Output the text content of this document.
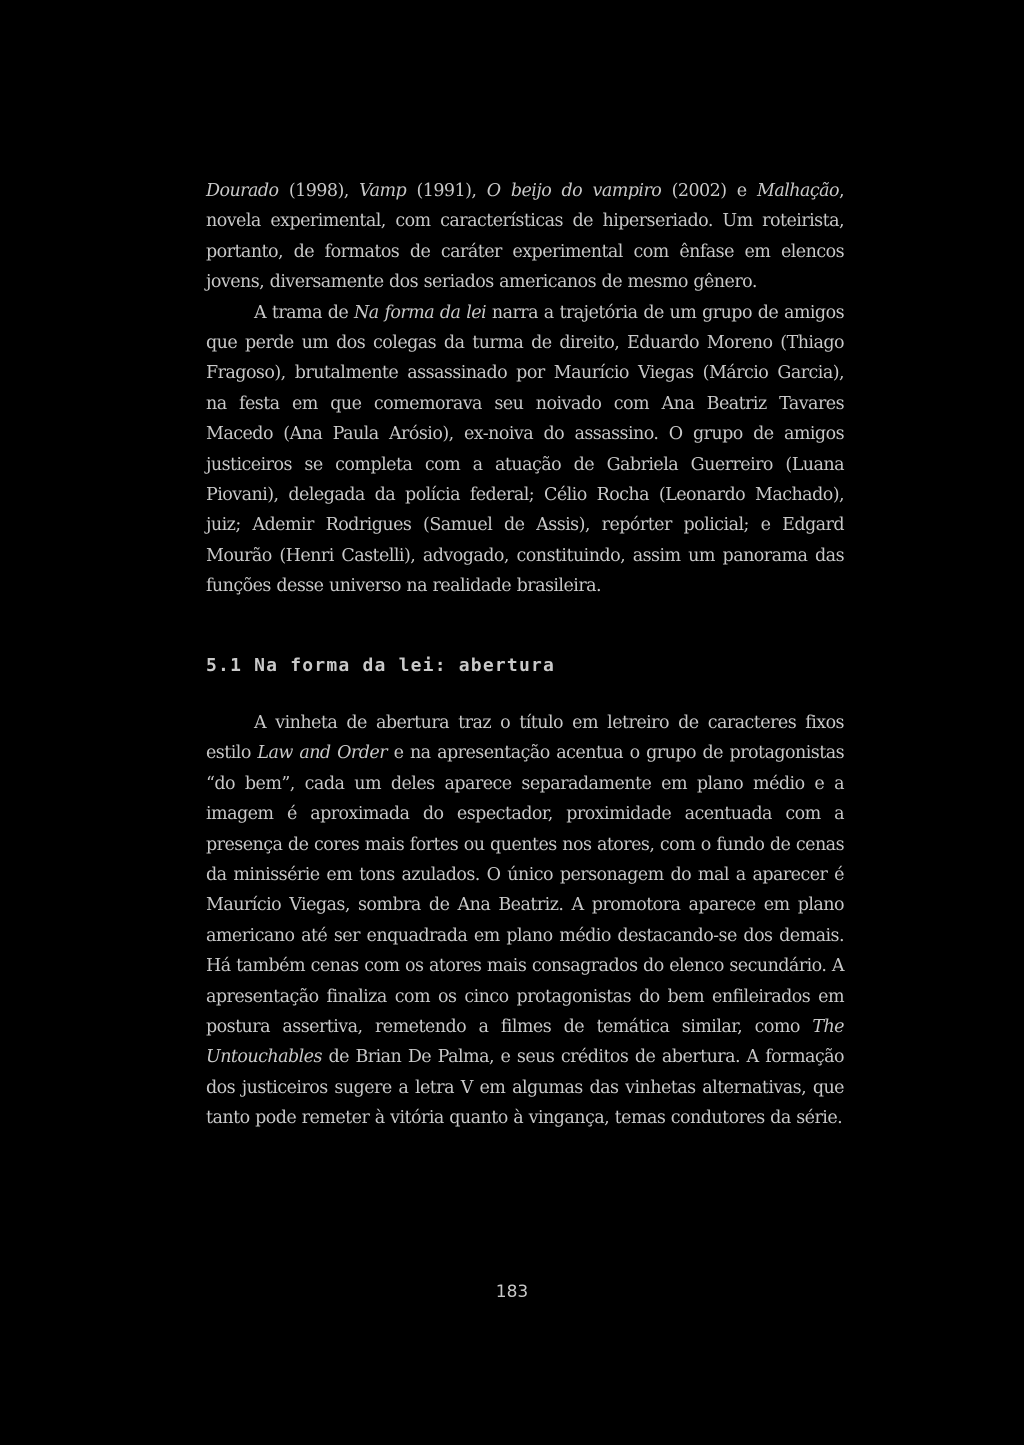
Dourado (1998), Vamp (1991), O beijo do vampiro (2002) e Malhação, novela experimental, com características de hiperseriado. Um roteirista, portanto, de formatos de caráter experimental com ênfase em elencos jovens, diversamente dos seriados americanos de mesmo gênero.

A trama de Na forma da lei narra a trajetória de um grupo de amigos que perde um dos colegas da turma de direito, Eduardo Moreno (Thiago Fragoso), brutalmente assassinado por Maurício Viegas (Márcio Garcia), na festa em que comemorava seu noivado com Ana Beatriz Tavares Macedo (Ana Paula Arósio), ex-noiva do assassino. O grupo de amigos justiceiros se completa com a atuação de Gabriela Guerreiro (Luana Piovani), delegada da polícia federal; Célio Rocha (Leonardo Machado), juiz; Ademir Rodrigues (Samuel de Assis), repórter policial; e Edgard Mourão (Henri Castelli), advogado, constituindo, assim um panorama das funções desse universo na realidade brasileira.

5.1 Na forma da lei: abertura

A vinheta de abertura traz o título em letreiro de caracteres fixos estilo Law and Order e na apresentação acentua o grupo de protagonistas “do bem”, cada um deles aparece separadamente em plano médio e a imagem é aproximada do espectador, proximidade acentuada com a presença de cores mais fortes ou quentes nos atores, com o fundo de cenas da minissérie em tons azulados. O único personagem do mal a aparecer é Maurício Viegas, sombra de Ana Beatriz. A promotora aparece em plano americano até ser enquadrada em plano médio destacando-se dos demais. Há também cenas com os atores mais consagrados do elenco secundário. A apresentação finaliza com os cinco protagonistas do bem enfileirados em postura assertiva, remetendo a filmes de temática similar, como The Untouchables de Brian De Palma, e seus créditos de abertura. A formação dos justiceiros sugere a letra V em algumas das vinhetas alternativas, que tanto pode remeter à vitória quanto à vingança, temas condutores da série.

183
